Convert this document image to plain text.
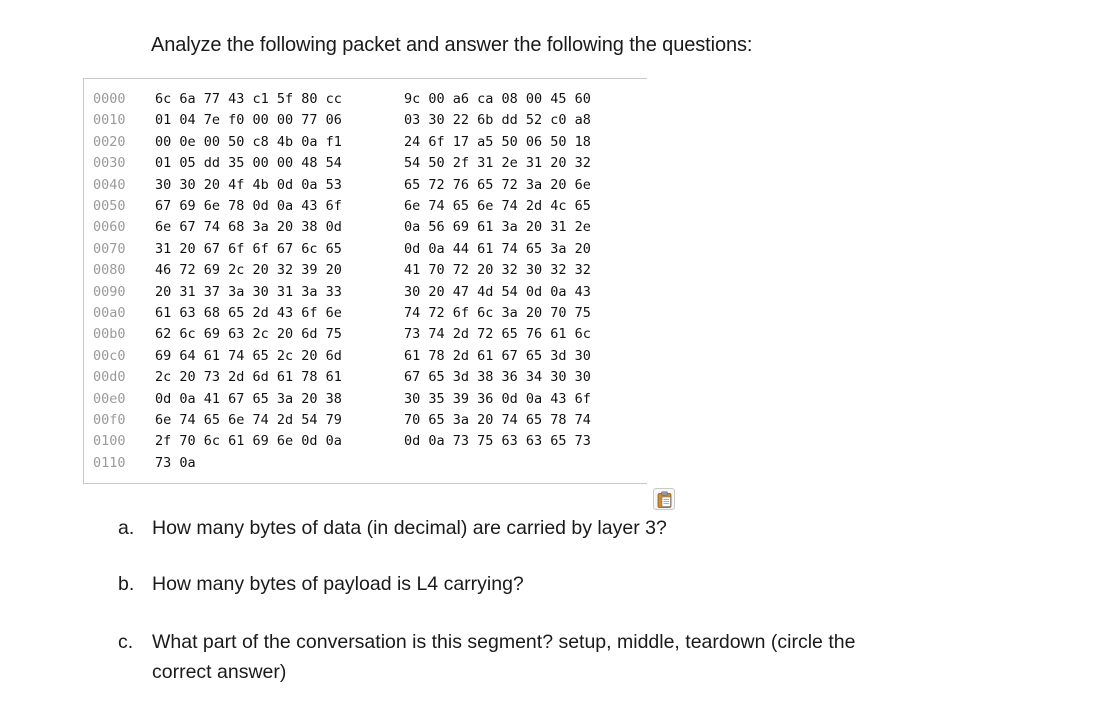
Analyze the following packet and answer the following the questions:
0000 6c 6a 77 43 c1 5f 80 cc	9c 00 a6 ca 08 00 45 60
0010 01 04 7e f0 00 00 77 06	03 30 22 6b dd 52 c0 a8
0020 00 0e 00 50 c8 4b 0a f1	24 6f 17 a5 50 06 50 18
0030 01 05 dd 35 00 00 48 54	54 50 2f 31 2e 31 20 32
0040 30 30 20 4f 4b 0d 0a 53	65 72 76 65 72 3a 20 6e
0050 67 69 6e 78 0d 0a 43 6f	6e 74 65 6e 74 2d 4c 65
0060 6e 67 74 68 3a 20 38 0d	0a 56 69 61 3a 20 31 2e
0070 31 20 67 6f 6f 67 6c 65	0d 0a 44 61 74 65 3a 20
0080 46 72 69 2c 20 32 39 20	41 70 72 20 32 30 32 32
0090 20 31 37 3a 30 31 3a 33	30 20 47 4d 54 0d 0a 43
00a0 61 63 68 65 2d 43 6f 6e	74 72 6f 6c 3a 20 70 75
00b0 62 6c 69 63 2c 20 6d 75	73 74 2d 72 65 76 61 6c
00c0 69 64 61 74 65 2c 20 6d	61 78 2d 61 67 65 3d 30
00d0 2c 20 73 2d 6d 61 78 61	67 65 3d 38 36 34 30 30
00e0 0d 0a 41 67 65 3a 20 38	30 35 39 36 0d 0a 43 6f
00f0 6e 74 65 6e 74 2d 54 79	70 65 3a 20 74 65 78 74
0100 2f 70 6c 61 69 6e 0d 0a	0d 0a 73 75 63 63 65 73
0110 73 0a
a. How many bytes of data (in decimal) are carried by layer 3?
b. How many bytes of payload is L4 carrying?
c. What part of the conversation is this segment? setup, middle, teardown (circle the
correct answer)
